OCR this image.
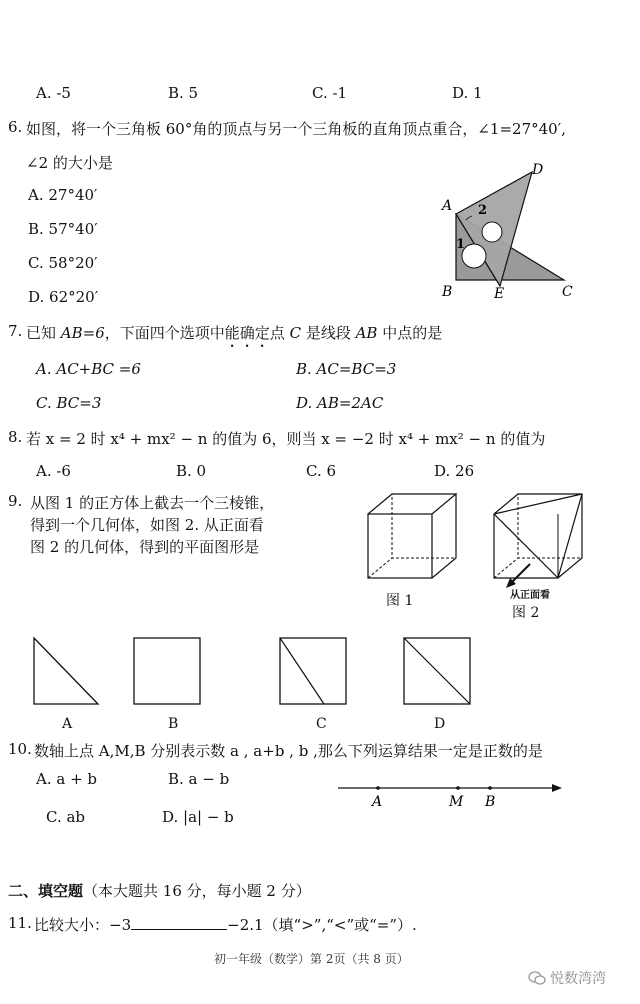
A. -5	B. 5	C. -1	D. 1
6. 如图，将一个三角板 60°角的顶点与另一个三角板的直角顶点重合，∠1=27°40′,
∠2 的大小是
A. 27°40′
B. 57°40′
C. 58°20′
D. 62°20′
A
B	C
D
E
1
2
7. 已知 AB=6，下面四个选项中能确定点 C 是线段 AB 中点的是
A. AC+BC =6	B. AC=BC=3
C. BC=3	D. AB=2AC
8. 若 x = 2 时 x⁴ + mx² − n 的值为 6，则当 x = −2 时 x⁴ + mx² − n 的值为
A. -6	B. 0	C. 6	D. 26
9. 从图 1 的正方体上截去一个三棱锥，
得到一个几何体，如图 2. 从正面看
图 2 的几何体，得到的平面图形是
图 1	从正面看
图 2
A	B	C	D
10. 数轴上点 A,M,B 分别表示数 a , a+b , b ,那么下列运算结果一定是正数的是
A. a + b	B. a − b
C. ab	D. |a| − b
A	M B
二、填空题（本大题共 16 分，每小题 2 分）
11. 比较大小：−3	−2.1（填“>”,“<”或“=”）.
初一年级（数学）第 2页（共 8 页）
悦数湾湾
